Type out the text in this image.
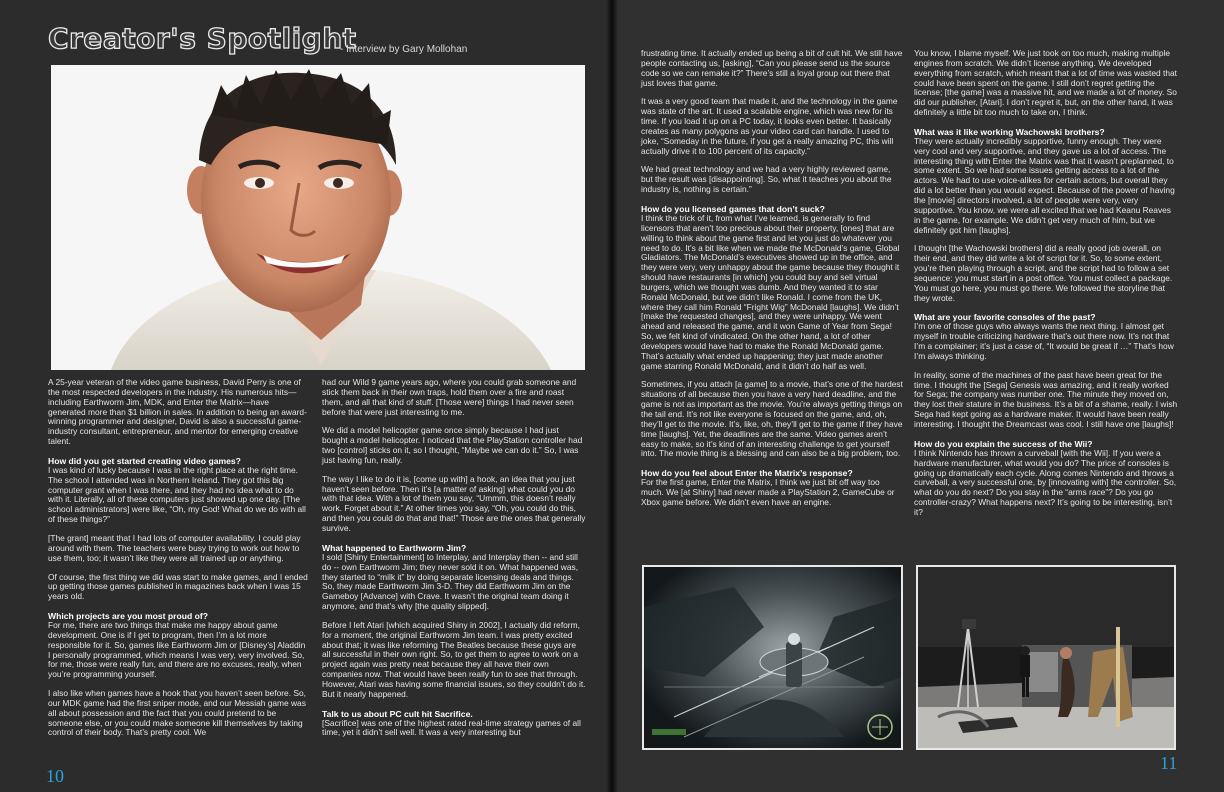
Creator's Spotlight
- Interview by Gary Mollohan

A 25-year veteran of the video game business, David Perry is one of the most respected developers in the industry. His numerous hits—including Earthworm Jim, MDK, and Enter the Matrix—have generated more than $1 billion in sales. In addition to being an award-winning programmer and designer, David is also a successful game-industry consultant, entrepreneur, and mentor for emerging creative talent.

How did you get started creating video games?

I was kind of lucky because I was in the right place at the right time. The school I attended was in Northern Ireland. They got this big computer grant when I was there, and they had no idea what to do with it. Literally, all of these computers just showed up one day. [The school administrators] were like, “Oh, my God! What do we do with all of these things?”

[The grant] meant that I had lots of computer availability. I could play around with them. The teachers were busy trying to work out how to use them, too; it wasn’t like they were all trained up or anything.

Of course, the first thing we did was start to make games, and I ended up getting those games published in magazines back when I was 15 years old.

Which projects are you most proud of?

For me, there are two things that make me happy about game development. One is if I get to program, then I’m a lot more responsible for it. So, games like Earthworm Jim or [Disney’s] Aladdin I personally programmed, which means I was very, very involved. So, for me, those were really fun, and there are no excuses, really, when you’re programming yourself.

I also like when games have a hook that you haven’t seen before. So, our MDK game had the first sniper mode, and our Messiah game was all about possession and the fact that you could pretend to be someone else, or you could make someone kill themselves by taking control of their body. That’s pretty cool. We

had our Wild 9 game years ago, where you could grab someone and stick them back in their own traps, hold them over a fire and roast them, and all that kind of stuff. [Those were] things I had never seen before that were just interesting to me.

We did a model helicopter game once simply because I had just bought a model helicopter. I noticed that the PlayStation controller had two [control] sticks on it, so I thought, “Maybe we can do it.” So, I was just having fun, really.

The way I like to do it is, [come up with] a hook, an idea that you just haven’t seen before. Then it’s [a matter of asking] what could you do with that idea. With a lot of them you say, “Ummm, this doesn’t really work. Forget about it.” At other times you say, “Oh, you could do this, and then you could do that and that!” Those are the ones that generally survive.

What happened to Earthworm Jim?

I sold [Shiny Entertainment] to Interplay, and Interplay then -- and still do -- own Earthworm Jim; they never sold it on. What happened was, they started to “milk it” by doing separate licensing deals and things. So, they made Earthworm Jim 3-D. They did Earthworm Jim on the Gameboy [Advance] with Crave. It wasn’t the original team doing it anymore, and that’s why [the quality slipped].

Before I left Atari [which acquired Shiny in 2002], I actually did reform, for a moment, the original Earthworm Jim team. I was pretty excited about that; it was like reforming The Beatles because these guys are all successful in their own right. So, to get them to agree to work on a project again was pretty neat because they all have their own companies now. That would have been really fun to see that through. However, Atari was having some financial issues, so they couldn’t do it. But it nearly happened.

Talk to us about PC cult hit Sacrifice.

[Sacrifice] was one of the highest rated real-time strategy games of all time, yet it didn’t sell well. It was a very interesting but

10

frustrating time. It actually ended up being a bit of cult hit. We still have people contacting us, [asking], “Can you please send us the source code so we can remake it?” There’s still a loyal group out there that just loves that game.

It was a very good team that made it, and the technology in the game was state of the art. It used a scalable engine, which was new for its time. If you load it up on a PC today, it looks even better. It basically creates as many polygons as your video card can handle. I used to joke, “Someday in the future, if you get a really amazing PC, this will actually drive it to 100 percent of its capacity.”

We had great technology and we had a very highly reviewed game, but the result was [disappointing]. So, what it teaches you about the industry is, nothing is certain.”

How do you licensed games that don’t suck?

I think the trick of it, from what I’ve learned, is generally to find licensors that aren’t too precious about their property, [ones] that are willing to think about the game first and let you just do whatever you need to do. It’s a bit like when we made the McDonald’s game, Global Gladiators. The McDonald’s executives showed up in the office, and they were very, very unhappy about the game because they thought it should have restaurants [in which] you could buy and sell virtual burgers, which we thought was dumb. And they wanted it to star Ronald McDonald, but we didn’t like Ronald. I come from the UK, where they call him Ronald “Fright Wig” McDonald [laughs]. We didn’t [make the requested changes], and they were unhappy. We went ahead and released the game, and it won Game of Year from Sega! So, we felt kind of vindicated. On the other hand, a lot of other developers would have had to make the Ronald McDonald game. That’s actually what ended up happening; they just made another game starring Ronald McDonald, and it didn’t do half as well.

Sometimes, if you attach [a game] to a movie, that’s one of the hardest situations of all because then you have a very hard deadline, and the game is not as important as the movie. You’re always getting things on the tail end. It’s not like everyone is focused on the game, and, oh, they’ll get to the movie. It’s, like, oh, they’ll get to the game if they have time [laughs]. Yet, the deadlines are the same. Video games aren’t easy to make, so it’s kind of an interesting challenge to get yourself into. The movie thing is a blessing and can also be a big problem, too.

How do you feel about Enter the Matrix’s response?

For the first game, Enter the Matrix, I think we just bit off way too much. We [at Shiny] had never made a PlayStation 2, GameCube or Xbox game before. We didn’t even have an engine.

You know, I blame myself. We just took on too much, making multiple engines from scratch. We didn’t license anything. We developed everything from scratch, which meant that a lot of time was wasted that could have been spent on the game. I still don’t regret getting the license; [the game] was a massive hit, and we made a lot of money. So did our publisher, [Atari]. I don’t regret it, but, on the other hand, it was definitely a little bit too much to take on, I think.

What was it like working Wachowski brothers?

They were actually incredibly supportive, funny enough. They were very cool and very supportive, and they gave us a lot of access. The interesting thing with Enter the Matrix was that it wasn’t preplanned, to some extent. So we had some issues getting access to a lot of the actors. We had to use voice-alikes for certain actors, but overall they did a lot better than you would expect. Because of the power of having the [movie] directors involved, a lot of people were very, very supportive. You know, we were all excited that we had Keanu Reaves in the game, for example. We didn’t get very much of him, but we definitely got him [laughs].

I thought [the Wachowski brothers] did a really good job overall, on their end, and they did write a lot of script for it. So, to some extent, you’re then playing through a script, and the script had to follow a set sequence: you must start in a post office. You must collect a package. You must go here, you must go there. We followed the storyline that they wrote.

What are your favorite consoles of the past?

I’m one of those guys who always wants the next thing. I almost get myself in trouble criticizing hardware that’s out there now. It’s not that I’m a complainer; it’s just a case of, “It would be great if …” That’s how I’m always thinking.

In reality, some of the machines of the past have been great for the time. I thought the [Sega] Genesis was amazing, and it really worked for Sega; the company was number one. The minute they moved on, they lost their stature in the business. It’s a bit of a shame, really. I wish Sega had kept going as a hardware maker. It would have been really interesting. I thought the Dreamcast was cool. I still have one [laughs]!

How do you explain the success of the Wii?

I think Nintendo has thrown a curveball [with the Wii]. If you were a hardware manufacturer, what would you do? The price of consoles is going up dramatically each cycle. Along comes Nintendo and throws a curveball, a very successful one, by [innovating with] the controller. So, what do you do next? Do you stay in the “arms race”? Do you go controller-crazy? What happens next? It’s going to be interesting, isn’t it?

11
